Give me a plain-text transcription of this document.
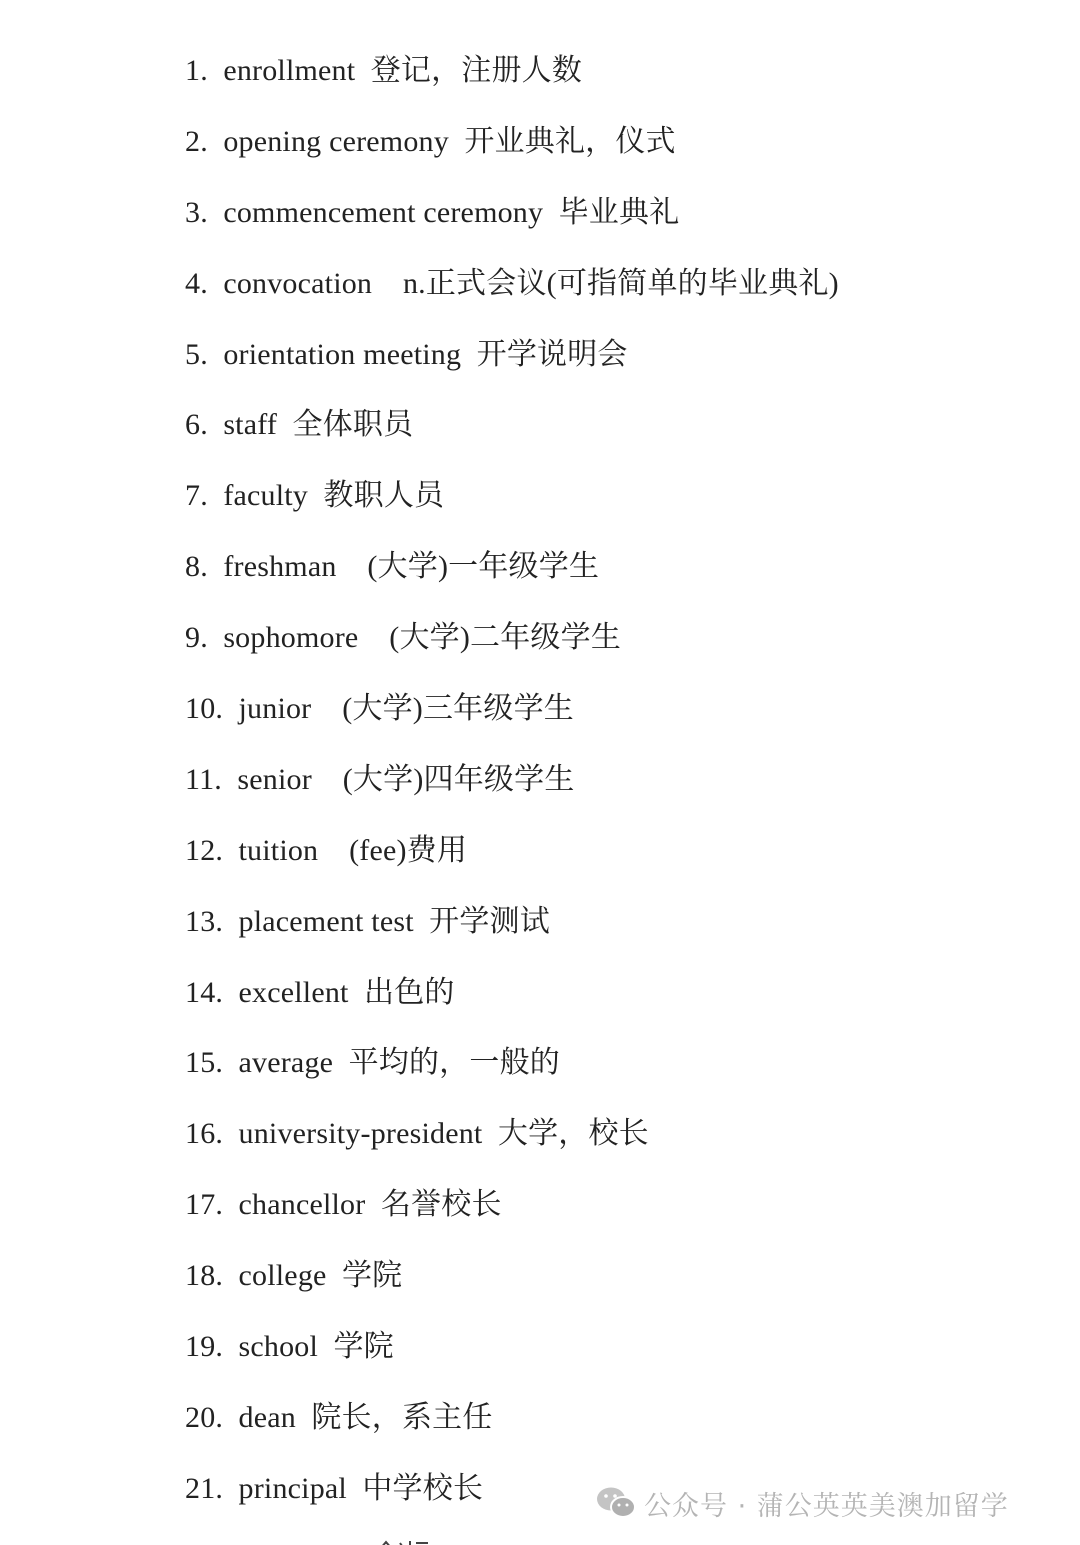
1. enrollment 登记，注册人数
2. opening ceremony 开业典礼，仪式
3. commencement ceremony 毕业典礼
4. convocation n.正式会议(可指简单的毕业典礼)
5. orientation meeting 开学说明会
6. staff 全体职员
7. faculty 教职人员
8. freshman (大学)一年级学生
9. sophomore (大学)二年级学生
10. junior (大学)三年级学生
11. senior (大学)四年级学生
12. tuition (fee)费用
13. placement test 开学测试
14. excellent 出色的
15. average 平均的，一般的
16. university-president 大学，校长
17. chancellor 名誉校长
18. college 学院
19. school 学院
20. dean 院长，系主任
21. principal 中学校长
公众号 · 蒲公英英美澳加留学
